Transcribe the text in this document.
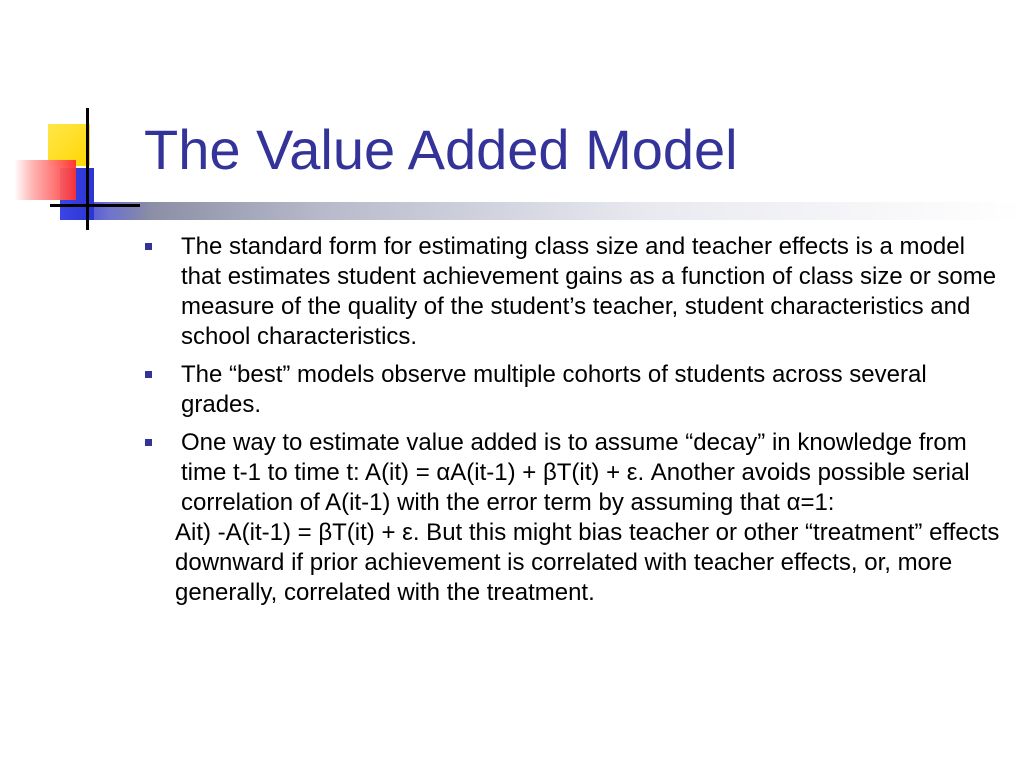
The Value Added Model
The standard form for estimating class size and teacher effects is a model that estimates student achievement gains as a function of class size or some measure of the quality of the student’s teacher, student characteristics and school characteristics.
The “best” models observe multiple cohorts of students across several grades.
One way to estimate value added is to assume “decay” in knowledge from time t-1 to time t: A(it) = αA(it-1) + βT(it) + ε. Another avoids possible serial correlation of A(it-1) with the error term by assuming that α=1:
Ait) -A(it-1) = βT(it) + ε. But this might bias teacher or other “treatment” effects downward if prior achievement is correlated with teacher effects, or, more generally, correlated with the treatment.
